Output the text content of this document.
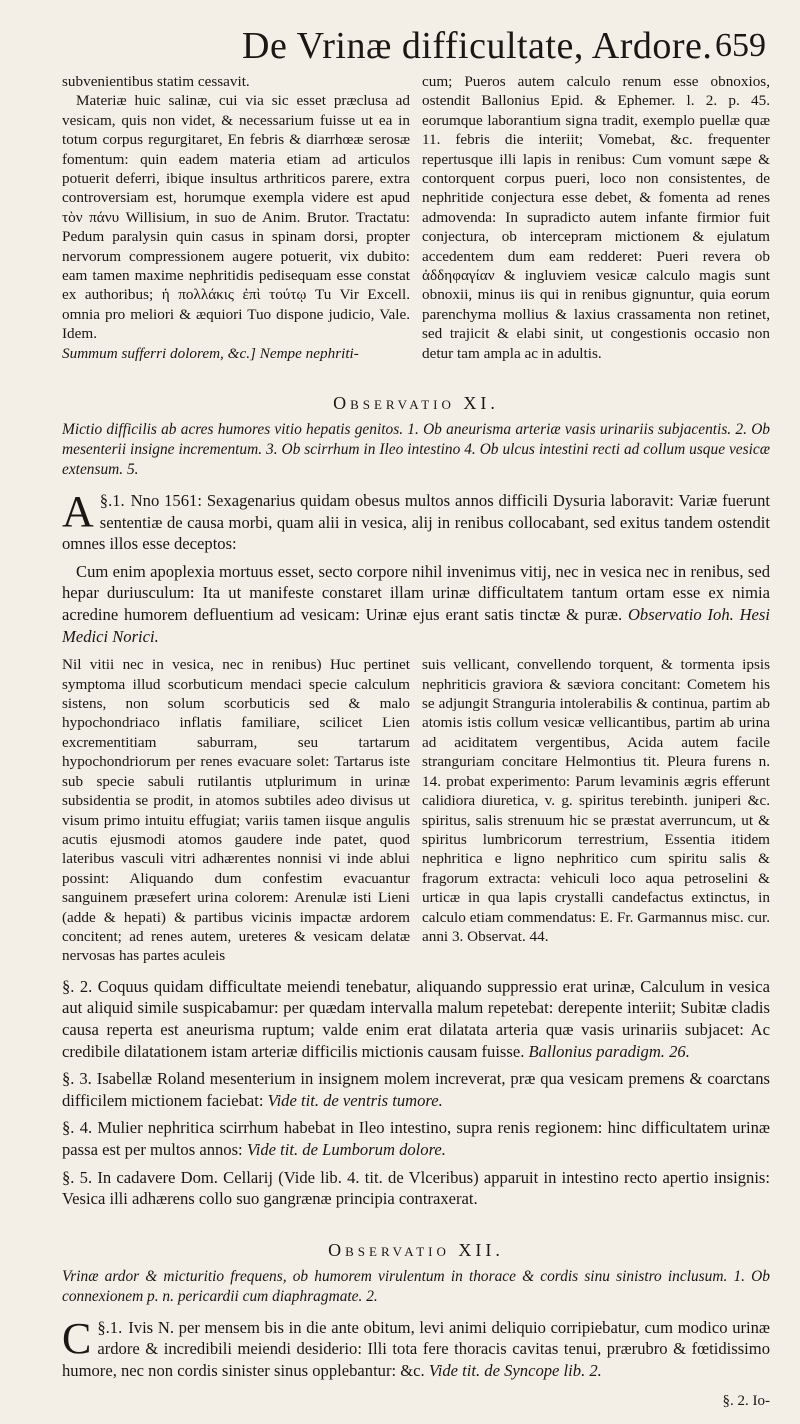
De Vrinæ difficultate, Ardore. 659

subvenientibus statim cessavit.

Materiæ huic salinæ, cui via sic esset præclusa ad vesicam, quis non videt, & necessarium fuisse ut ea in totum corpus regurgitaret, En febris & diarrhœæ serosæ fomentum: quin eadem materia etiam ad articulos potuerit deferri, ibique insultus arthriticos parere, extra controversiam est, horumque exempla videre est apud τὸν πάνυ Willisium, in suo de Anim. Brutor. Tractatu: Pedum paralysin quin casus in spinam dorsi, propter nervorum compressionem augere potuerit, vix dubito: eam tamen maxime nephritidis pedisequam esse constat ex authoribus; ἡ πολλάκις ἐπὶ τούτῳ Tu Vir Excell. omnia pro meliori & æquiori Tuo dispone judicio, Vale. Idem.

Summum sufferri dolorem, &c.] Nempe nephriti-

cum; Pueros autem calculo renum esse obnoxios, ostendit Ballonius Epid. & Ephemer. l. 2. p. 45. eorumque laborantium signa tradit, exemplo puellæ quæ 11. febris die interiit; Vomebat, &c. frequenter repertusque illi lapis in renibus: Cum vomunt sæpe & contorquent corpus pueri, loco non consistentes, de nephritide conjectura esse debet, & fomenta ad renes admovenda: In supradicto autem infante firmior fuit conjectura, ob intercepram mictionem & ejulatum accedentem dum eam redderet: Pueri revera ob ἀδδηφαγίαν & ingluviem vesicæ calculo magis sunt obnoxii, minus iis qui in renibus gignuntur, quia eorum parenchyma mollius & laxius crassamenta non retinet, sed trajicit & elabi sinit, ut congestionis occasio non detur tam ampla ac in adultis.

Observatio XI.

Mictio difficilis ab acres humores vitio hepatis genitos. 1. Ob aneurisma arteriæ vasis urinariis subjacentis. 2. Ob mesenterii insigne incrementum. 3. Ob scirrhum in Ileo intestino 4. Ob ulcus intestini recti ad collum usque vesicæ extensum. 5.

§.1.
A Nno 1561: Sexagenarius quidam obesus multos annos difficili Dysuria laboravit: Variæ fuerunt sententiæ de causa morbi, quam alii in vesica, alij in renibus collocabant, sed exitus tandem ostendit omnes illos esse deceptos:

Cum enim apoplexia mortuus esset, secto corpore nihil invenimus vitij, nec in vesica nec in renibus, sed hepar duriusculum: Ita ut manifeste constaret illam urinæ difficultatem tantum ortam esse ex nimia acredine humorem defluentium ad vesicam: Urinæ ejus erant satis tinctæ & puræ. Observatio Ioh. Hesi Medici Norici.

Nil vitii nec in vesica, nec in renibus) Huc pertinet symptoma illud scorbuticum mendaci specie calculum sistens, non solum scorbuticis sed & malo hypochondriaco inflatis familiare, scilicet Lien excrementitiam saburram, seu tartarum hypochondriorum per renes evacuare solet: Tartarus iste sub specie sabuli rutilantis utplurimum in urinæ subsidentia se prodit, in atomos subtiles adeo divisus ut visum primo intuitu effugiat; variis tamen iisque angulis acutis ejusmodi atomos gaudere inde patet, quod lateribus vasculi vitri adhærentes nonnisi vi inde ablui possint: Aliquando dum confestim evacuantur sanguinem præsefert urina colorem: Arenulæ isti Lieni (adde & hepati) & partibus vicinis impactæ ardorem concitent; ad renes autem, ureteres & vesicam delatæ nervosas has partes aculeis

suis vellicant, convellendo torquent, & tormenta ipsis nephriticis graviora & sæviora concitant: Cometem his se adjungit Stranguria intolerabilis & continua, partim ab atomis istis collum vesicæ vellicantibus, partim ab urina ad aciditatem vergentibus, Acida autem facile stranguriam concitare Helmontius tit. Pleura furens n. 14. probat experimento: Parum levaminis ægris efferunt calidiora diuretica, v. g. spiritus terebinth. juniperi &c. spiritus, salis strenuum hic se præstat averruncum, ut & spiritus lumbricorum terrestrium, Essentia itidem nephritica e ligno nephritico cum spiritu salis & fragorum extracta: vehiculi loco aqua petroselini & urticæ in qua lapis crystalli candefactus extinctus, in calculo etiam commendatus: E. Fr. Garmannus misc. cur. anni 3. Observat. 44.

§. 2. Coquus quidam difficultate meiendi tenebatur, aliquando suppressio erat urinæ, Calculum in vesica aut aliquid simile suspicabamur: per quædam intervalla malum repetebat: derepente interiit; Subitæ cladis causa reperta est aneurisma ruptum; valde enim erat dilatata arteria quæ vasis urinariis subjacet: Ac credibile dilatationem istam arteriæ difficilis mictionis causam fuisse. Ballonius paradigm. 26.

§. 3. Isabellæ Roland mesenterium in insignem molem increverat, præ qua vesicam premens & coarctans difficilem mictionem faciebat: Vide tit. de ventris tumore.

§. 4. Mulier nephritica scirrhum habebat in Ileo intestino, supra renis regionem: hinc difficultatem urinæ passa est per multos annos: Vide tit. de Lumborum dolore.

§. 5. In cadavere Dom. Cellarij (Vide lib. 4. tit. de Vlceribus) apparuit in intestino recto apertio insignis: Vesica illi adhærens collo suo gangrænæ principia contraxerat.

Observatio XII.

Vrinæ ardor & micturitio frequens, ob humorem virulentum in thorace & cordis sinu sinistro inclusum. 1. Ob connexionem p. n. pericardii cum diaphragmate. 2.

§.1.
C Ivis N. per mensem bis in die ante obitum, levi animi deliquio corripiebatur, cum modico urinæ ardore & incredibili meiendi desiderio: Illi tota fere thoracis cavitas tenui, prærubro & fœtidissimo humore, nec non cordis sinister sinus opplebantur: &c. Vide tit. de Syncope lib. 2.

§. 2. Io-
